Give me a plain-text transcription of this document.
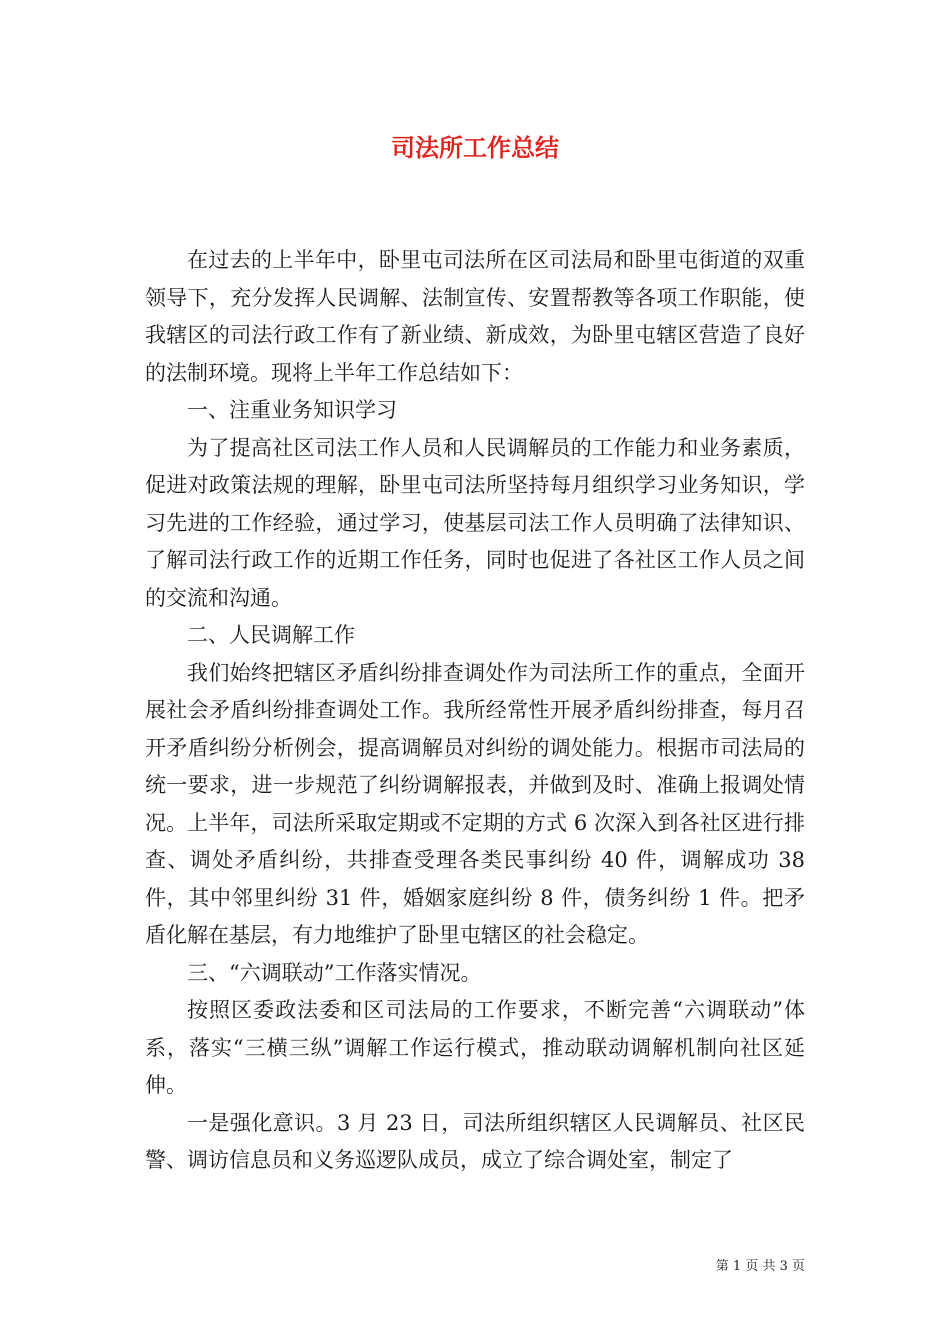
司法所工作总结

在过去的上半年中，卧里屯司法所在区司法局和卧里屯街道的双重领导下，充分发挥人民调解、法制宣传、安置帮教等各项工作职能，使我辖区的司法行政工作有了新业绩、新成效，为卧里屯辖区营造了良好的法制环境。现将上半年工作总结如下：

一、注重业务知识学习

为了提高社区司法工作人员和人民调解员的工作能力和业务素质，促进对政策法规的理解，卧里屯司法所坚持每月组织学习业务知识，学习先进的工作经验，通过学习，使基层司法工作人员明确了法律知识、了解司法行政工作的近期工作任务，同时也促进了各社区工作人员之间的交流和沟通。

二、人民调解工作

我们始终把辖区矛盾纠纷排查调处作为司法所工作的重点，全面开展社会矛盾纠纷排查调处工作。我所经常性开展矛盾纠纷排查，每月召开矛盾纠纷分析例会，提高调解员对纠纷的调处能力。根据市司法局的统一要求，进一步规范了纠纷调解报表，并做到及时、准确上报调处情况。上半年，司法所采取定期或不定期的方式 6 次深入到各社区进行排查、调处矛盾纠纷，共排查受理各类民事纠纷 40 件，调解成功 38 件，其中邻里纠纷 31 件，婚姻家庭纠纷 8 件，债务纠纷 1 件。把矛盾化解在基层，有力地维护了卧里屯辖区的社会稳定。

三、“六调联动”工作落实情况。

按照区委政法委和区司法局的工作要求，不断完善“六调联动”体系，落实“三横三纵”调解工作运行模式，推动联动调解机制向社区延伸。

一是强化意识。3 月 23 日，司法所组织辖区人民调解员、社区民警、调访信息员和义务巡逻队成员，成立了综合调处室，制定了

第 1 页 共 3 页
